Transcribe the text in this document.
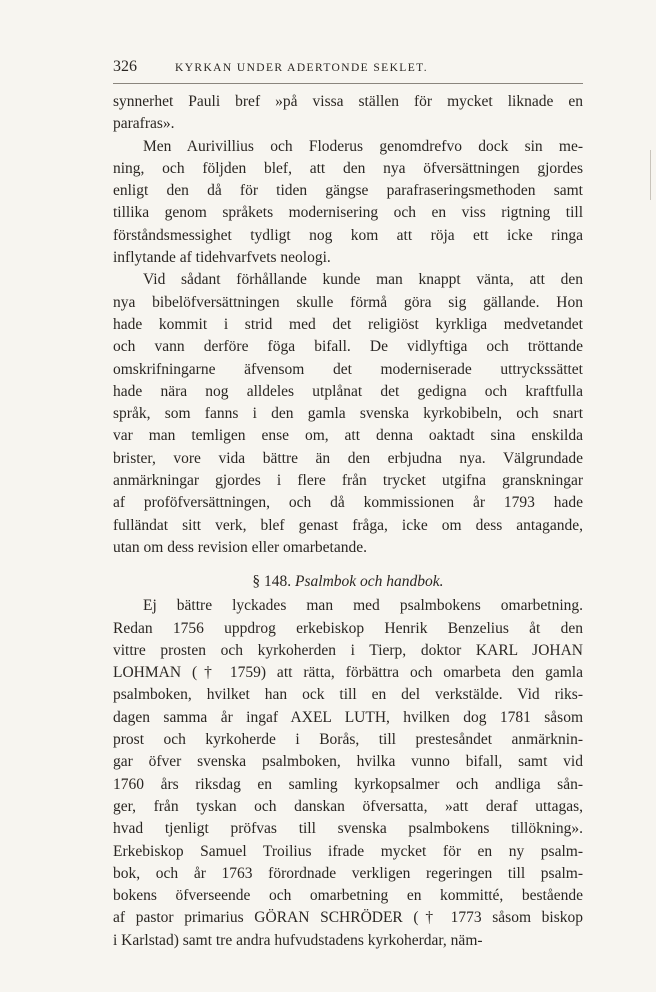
326	KYRKAN UNDER ADERTONDE SEKLET.
synnerhet Pauli bref »på vissa ställen för mycket liknade en
parafras».
Men Aurivillius och Floderus genomdrefvo dock sin me-
ning, och följden blef, att den nya öfversättningen gjordes
enligt den då för tiden gängse parafraseringsmethoden samt
tillika genom språkets modernisering och en viss rigtning till
förståndsmessighet tydligt nog kom att röja ett icke ringa
inflytande af tidehvarfvets neologi.
Vid sådant förhållande kunde man knappt vänta, att den
nya bibelöfversättningen skulle förmå göra sig gällande. Hon
hade kommit i strid med det religiöst kyrkliga medvetandet
och vann derföre föga bifall. De vidlyftiga och tröttande
omskrifningarne äfvensom det moderniserade uttryckssättet
hade nära nog alldeles utplånat det gedigna och kraftfulla
språk, som fanns i den gamla svenska kyrkobibeln, och snart
var man temligen ense om, att denna oaktadt sina enskilda
brister, vore vida bättre än den erbjudna nya. Välgrundade
anmärkningar gjordes i flere från trycket utgifna granskningar
af proföfversättningen, och då kommissionen år 1793 hade
fulländat sitt verk, blef genast fråga, icke om dess antagande,
utan om dess revision eller omarbetande.
§ 148. Psalmbok och handbok.
Ej bättre lyckades man med psalmbokens omarbetning.
Redan 1756 uppdrog erkebiskop Henrik Benzelius åt den
vittre prosten och kyrkoherden i Tierp, doktor KARL JOHAN
LOHMAN († 1759) att rätta, förbättra och omarbeta den gamla
psalmboken, hvilket han ock till en del verkstälde. Vid riks-
dagen samma år ingaf AXEL LUTH, hvilken dog 1781 såsom
prost och kyrkoherde i Borås, till prestesåndet anmärknin-
gar öfver svenska psalmboken, hvilka vunno bifall, samt vid
1760 års riksdag en samling kyrkopsalmer och andliga sån-
ger, från tyskan och danskan öfversatta, »att deraf uttagas,
hvad tjenligt pröfvas till svenska psalmbokens tillökning».
Erkebiskop Samuel Troilius ifrade mycket för en ny psalm-
bok, och år 1763 förordnade verkligen regeringen till psalm-
bokens öfverseende och omarbetning en kommitté, bestående
af pastor primarius GÖRAN SCHRÖDER († 1773 såsom biskop
i Karlstad) samt tre andra hufvudstadens kyrkoherdar, näm-
